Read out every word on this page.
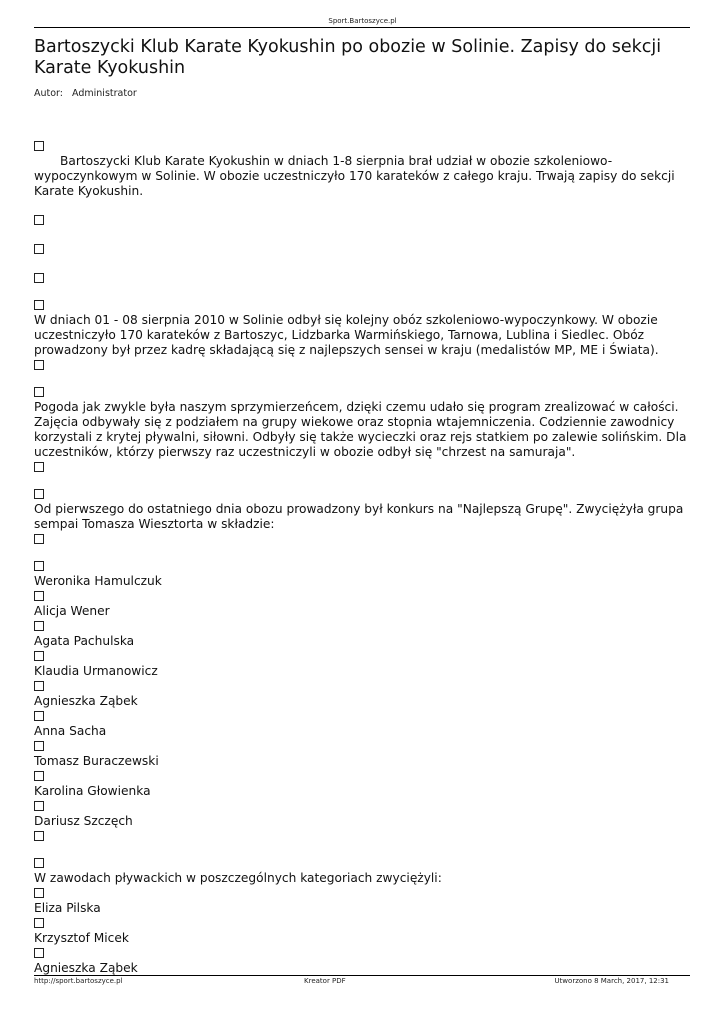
Sport.Bartoszyce.pl
Bartoszycki Klub Karate Kyokushin po obozie w Solinie. Zapisy do sekcji Karate Kyokushin
Autor: Administrator
Bartoszycki Klub Karate Kyokushin w dniach 1-8 sierpnia brał udział w obozie szkoleniowo-wypoczynkowym w Solinie. W obozie uczestniczyło 170 karateków z całego kraju. Trwają zapisy do sekcji Karate Kyokushin.
W dniach 01 - 08 sierpnia 2010 w Solinie odbył się kolejny obóz szkoleniowo-wypoczynkowy. W obozie uczestniczyło 170 karateków z Bartoszyc, Lidzbarka Warmińskiego, Tarnowa, Lublina i Siedlec. Obóz prowadzony był przez kadrę składającą się z najlepszych sensei w kraju (medalistów MP, ME i Świata).
Pogoda jak zwykle była naszym sprzymierzeńcem, dzięki czemu udało się program zrealizować w całości. Zajęcia odbywały się z podziałem na grupy wiekowe oraz stopnia wtajemniczenia. Codziennie zawodnicy korzystali z krytej pływalni, siłowni. Odbyły się także wycieczki oraz rejs statkiem po zalewie solińskim. Dla uczestników, którzy pierwszy raz uczestniczyli w obozie odbył się "chrzest na samuraja".
Od pierwszego do ostatniego dnia obozu prowadzony był konkurs na "Najlepszą Grupę". Zwyciężyła grupa sempai Tomasza Wiesztorta w składzie:
Weronika Hamulczuk
Alicja Wener
Agata Pachulska
Klaudia Urmanowicz
Agnieszka Ząbek
Anna Sacha
Tomasz Buraczewski
Karolina Głowienka
Dariusz Szczęch
W zawodach pływackich w poszczególnych kategoriach zwyciężyli:
Eliza Pilska
Krzysztof Micek
Agnieszka Ząbek
http://sport.bartoszyce.pl	Kreator PDF	Utworzono 8 March, 2017, 12:31
